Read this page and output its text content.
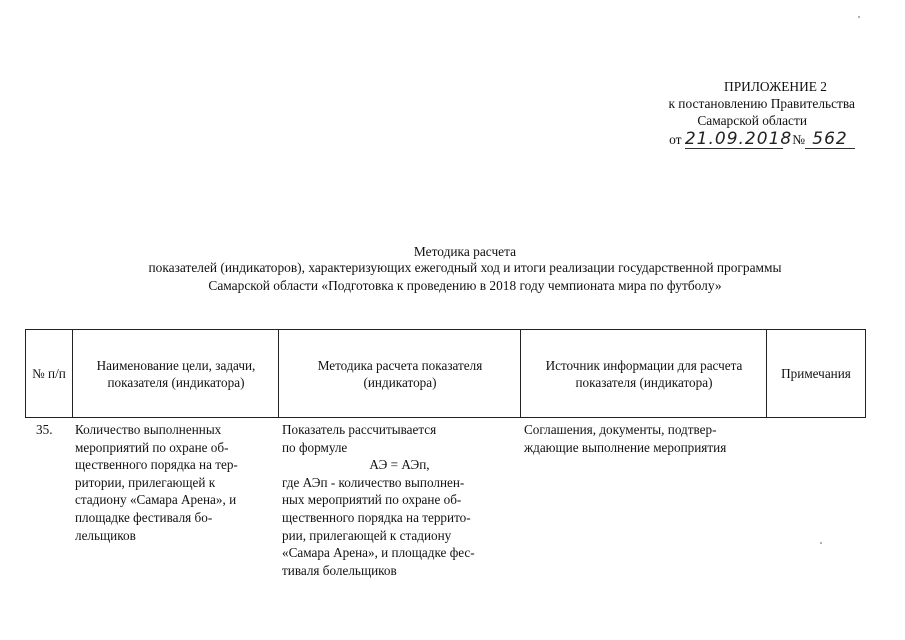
ПРИЛОЖЕНИЕ 2
к постановлению Правительства
Самарской области
от 21.09.2018 № 562
Методика расчета
показателей (индикаторов), характеризующих ежегодный ход и итоги реализации государственной программы
Самарской области «Подготовка к проведению в 2018 году чемпионата мира по футболу»
№ п/п
Наименование цели, задачи, показателя (индикатора)
Методика расчета показателя (индикатора)
Источник информации для расчета показателя (индикатора)
Примечания
35. Количество выполненных
мероприятий по охране об-
щественного порядка на тер-
ритории, прилегающей к
стадиону «Самара Арена», и
площадке фестиваля бо-
лельщиков
Показатель рассчитывается
по формуле
АЭ = АЭп,
где АЭп - количество выполнен-
ных мероприятий по охране об-
щественного порядка на террито-
рии, прилегающей к стадиону
«Самара Арена», и площадке фес-
тиваля болельщиков
Соглашения, документы, подтвер-
ждающие выполнение мероприятия
